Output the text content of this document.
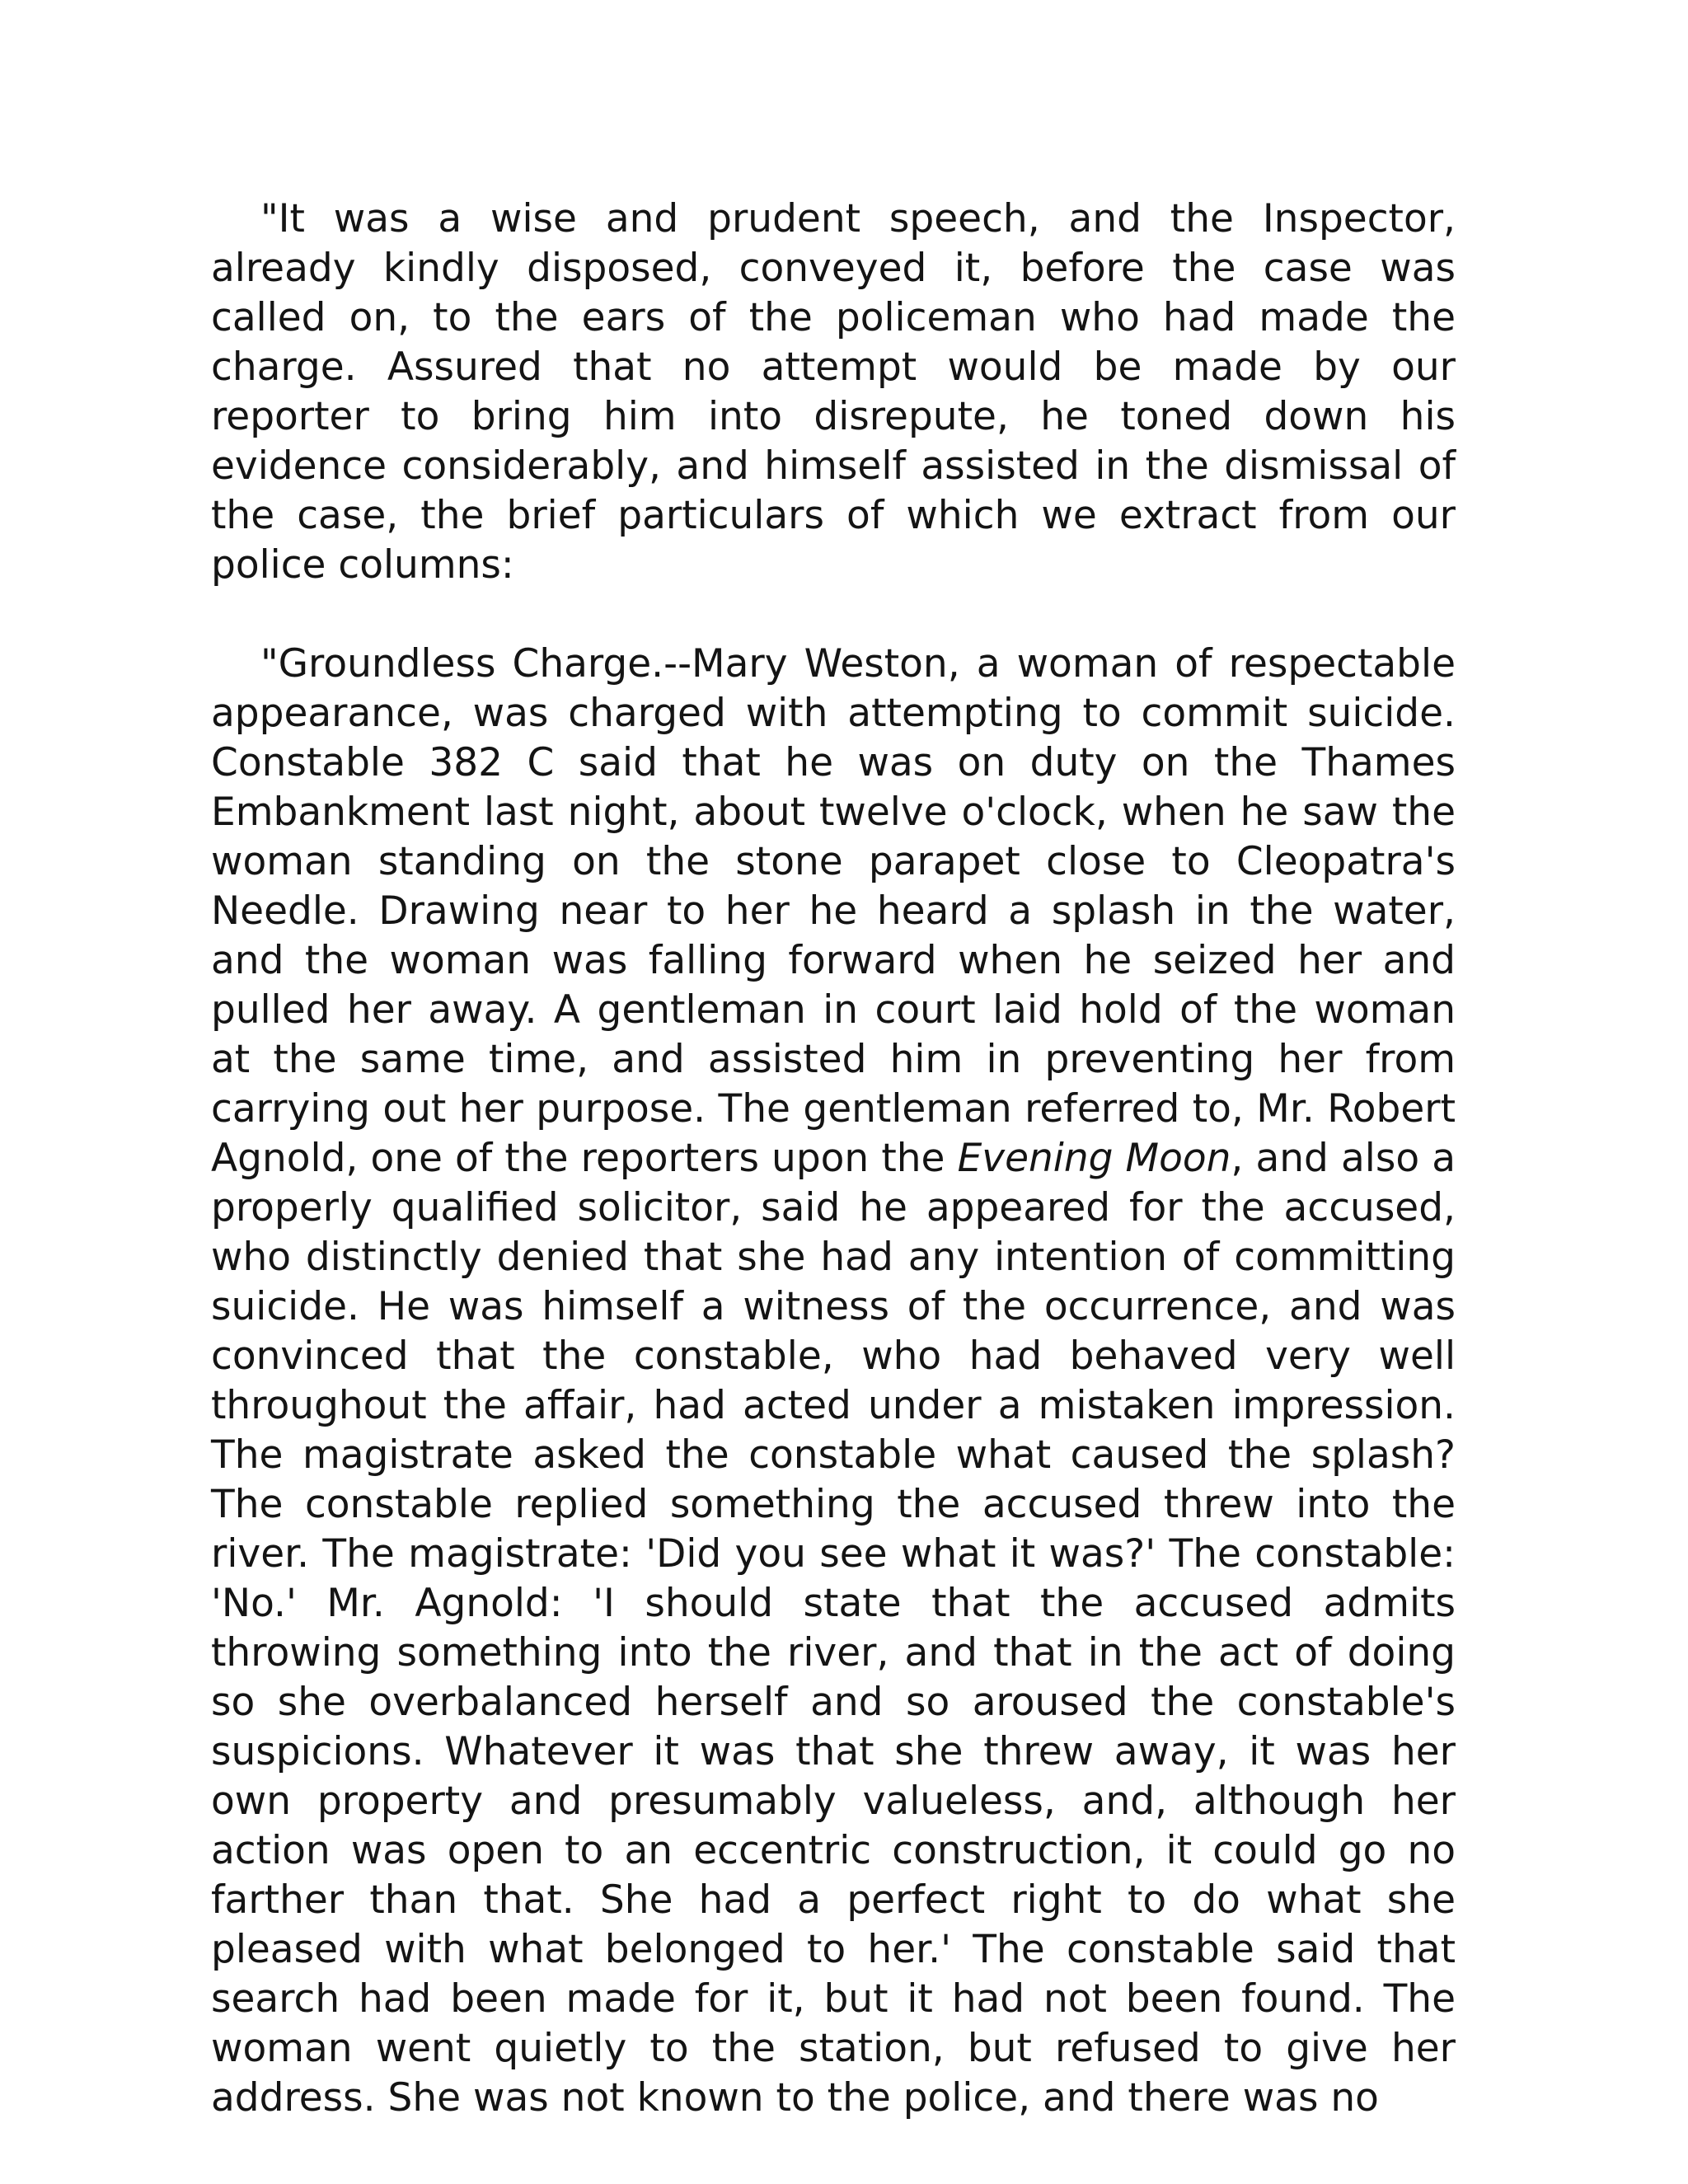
"It was a wise and prudent speech, and the Inspector, already kindly disposed, conveyed it, before the case was called on, to the ears of the policeman who had made the charge. Assured that no attempt would be made by our reporter to bring him into disrepute, he toned down his evidence considerably, and himself assisted in the dismissal of the case, the brief particulars of which we extract from our police columns:

"Groundless Charge.--Mary Weston, a woman of respectable appearance, was charged with attempting to commit suicide. Constable 382 C said that he was on duty on the Thames Embankment last night, about twelve o'clock, when he saw the woman standing on the stone parapet close to Cleopatra's Needle. Drawing near to her he heard a splash in the water, and the woman was falling forward when he seized her and pulled her away. A gentleman in court laid hold of the woman at the same time, and assisted him in preventing her from carrying out her purpose. The gentleman referred to, Mr. Robert Agnold, one of the reporters upon the Evening Moon, and also a properly qualified solicitor, said he appeared for the accused, who distinctly denied that she had any intention of committing suicide. He was himself a witness of the occurrence, and was convinced that the constable, who had behaved very well throughout the affair, had acted under a mistaken impression. The magistrate asked the constable what caused the splash? The constable replied something the accused threw into the river. The magistrate: 'Did you see what it was?' The constable: 'No.' Mr. Agnold: 'I should state that the accused admits throwing something into the river, and that in the act of doing so she overbalanced herself and so aroused the constable's suspicions. Whatever it was that she threw away, it was her own property and presumably valueless, and, although her action was open to an eccentric construction, it could go no farther than that. She had a perfect right to do what she pleased with what belonged to her.' The constable said that search had been made for it, but it had not been found. The woman went quietly to the station, but refused to give her address. She was not known to the police, and there was no
